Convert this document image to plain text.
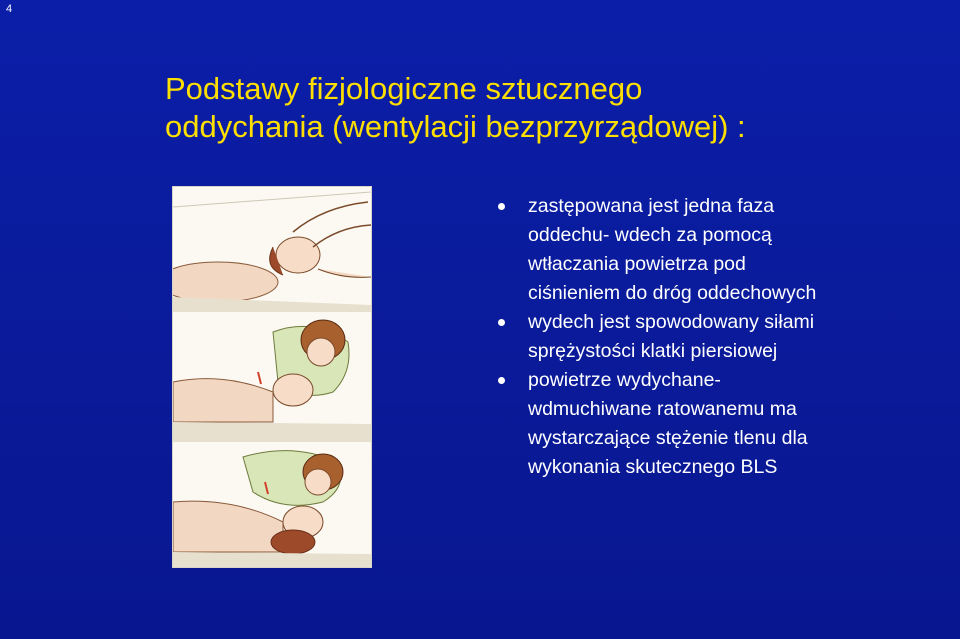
4
Podstawy fizjologiczne sztucznego
oddychania (wentylacji bezprzyrządowej) :
zastępowana jest jedna faza
oddechu- wdech za pomocą
wtłaczania powietrza pod
ciśnieniem do dróg oddechowych
wydech jest spowodowany siłami
sprężystości klatki piersiowej
powietrze wydychane-
wdmuchiwane ratowanemu ma
wystarczające stężenie tlenu dla
wykonania skutecznego BLS
